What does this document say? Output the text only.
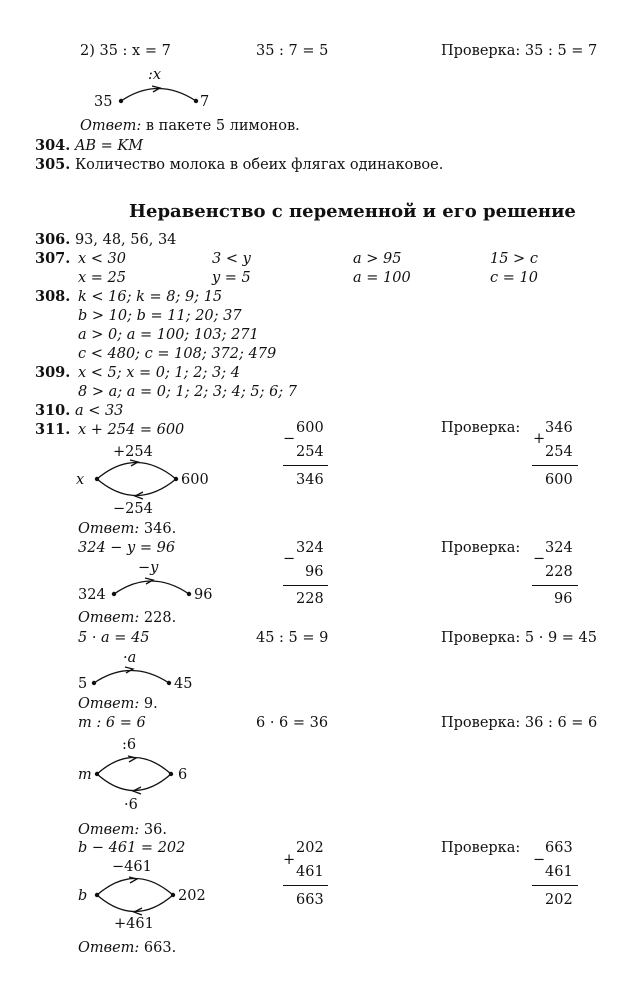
2) 35 : x = 7	35 : 7 = 5	Проверка: 35 : 5 = 7
:x
35	7
Ответ: в пакете 5 лимонов.
304. AB = KM
305. Количество молока в обеих флягах одинаковое.
Неравенство с переменной и его решение
306. 93, 48, 56, 34
307. x < 30	3 < y	a > 95	15 > c
x = 25	y = 5	a = 100	c = 10
308. k < 16; k = 8; 9; 15
b > 10; b = 11; 20; 37
a > 0; a = 100; 103; 271
c < 480; c = 108; 372; 479
309. x < 5; x = 0; 1; 2; 3; 4
8 > a; a = 0; 1; 2; 3; 4; 5; 6; 7
310. a < 33
311. x + 254 = 600
+254
x	600
−254
−
600
254
346
Проверка:
+
346
254
600
Ответ: 346.
324 − y = 96
−y
324	96
−
324
96
228
Проверка:
−
324
228
96
Ответ: 228.
5 · a = 45	45 : 5 = 9	Проверка: 5 · 9 = 45
·a
5	45
Ответ: 9.
m : 6 = 6	6 · 6 = 36	Проверка: 36 : 6 = 6
:6
m	6
·6
Ответ: 36.
b − 461 = 202
−461
b	202
+461
+
202
461
663
Проверка:
−
663
461
202
Ответ: 663.
